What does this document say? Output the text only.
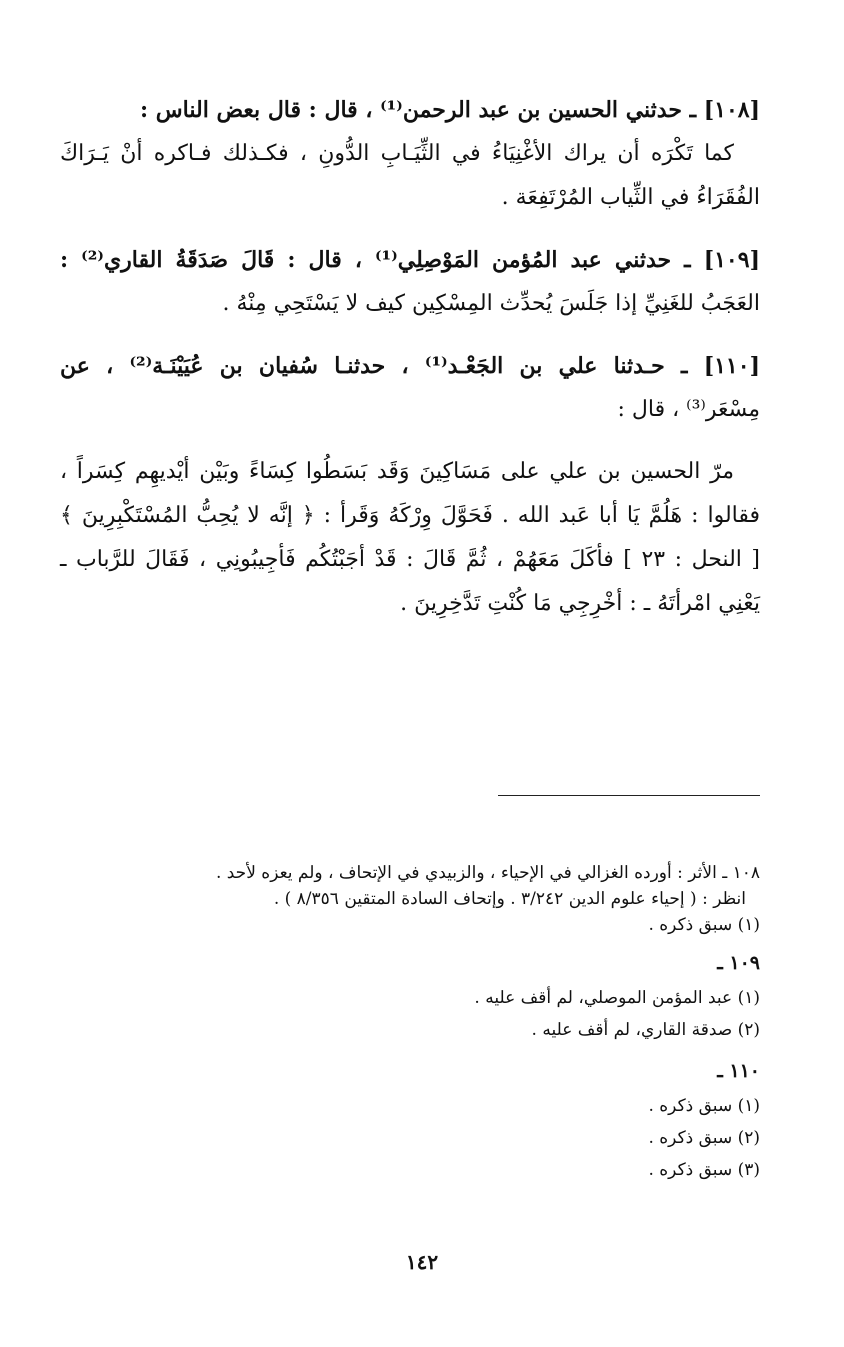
[١٠٨] ـ حدثني الحسين بن عبد الرحمن⁽¹⁾ ، قال : قال بعض الناس :
كما تَكْرَه أن يراك الأغْنِيَاءُ في الثِّيَـابِ الدُّونِ ، فكـذلك فـاكره أنْ يَـرَاكَ
الفُقَرَاءُ في الثِّياب المُرْتَفِعَة .
[١٠٩] ـ حدثني عبد المُؤمن المَوْصِلِي⁽¹⁾ ، قال : قَالَ صَدَقَةُ القاري⁽²⁾ :
العَجَبُ للغَنِيِّ إذا جَلَسَ يُحدِّث المِسْكِين كيف لا يَسْتَحِي مِنْهُ .
[١١٠] ـ حـدثنا علي بن الجَعْـد⁽¹⁾ ، حدثنـا سُفيان بن عُيَيْنَـة⁽²⁾ ، عن
مِسْعَر⁽³⁾ ، قال :
مرّ الحسين بن علي على مَسَاكِينَ وَقَد بَسَطُوا كِسَاءً وبَيْن أيْديهِم كِسَراً ،
فقالوا : هَلُمَّ يَا أبا عَبد الله . فَحَوَّلَ وِرْكَهُ وَقَرأ : ﴿ إنَّه لا يُحِبُّ المُسْتَكْبِرِينَ ﴾
[ النحل : ٢٣ ] فأكَلَ مَعَهُمْ ، ثُمَّ قَالَ : قَدْ أجَبْتُكُم فَأجِيبُونِي ، فَقَالَ للرَّباب ـ
يَعْنِي امْرأتَهُ ـ : أخْرِجِي مَا كُنْتِ تَدَّخِرِينَ .
١٠٨ ـ الأثر : أورده الغزالي في الإحياء ، والزبيدي في الإتحاف ، ولم يعزه لأحد .
انظر : ( إحياء علوم الدين ٣/٢٤٢ . وإتحاف السادة المتقين ٨/٣٥٦ ) .
(١) سبق ذكره .
١٠٩ ـ
(١) عبد المؤمن الموصلي، لم أقف عليه .
(٢) صدقة القاري، لم أقف عليه .
١١٠ ـ
(١) سبق ذكره .
(٢) سبق ذكره .
(٣) سبق ذكره .
١٤٢
